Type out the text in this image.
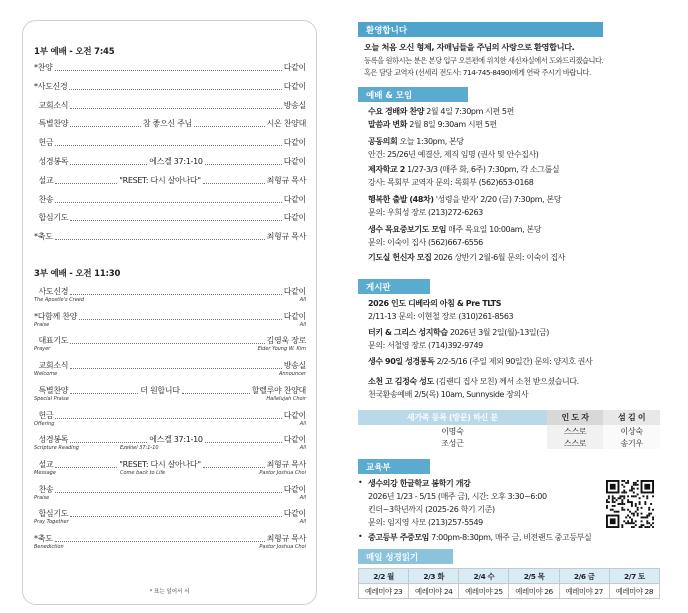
1부 예배 - 오전 7:45
*찬양	다같이
*사도신경	다같이
교회소식	방송실
특별찬양	참 좋으신 주님	시온 찬양대
헌금	다같이
성경봉독	에스겔 37:1-10	다같이
설교	"RESET: 다시 살아나다"	최형규 목사
찬송	다같이
합심기도	다같이
*축도	최형규 목사
3부 예배 - 오전 11:30
사도신경	다같이
The Apostle's Creed	All
*다함께 찬양	다같이
Praise	All
대표기도	김영욱 장로
Prayer	Elder Young W. Kim
교회소식	방송실
Welcome	Announcer
특별찬양	더 원합니다	할렐루야 찬양대
Special Praise	Hallelujah Choir
헌금	다같이
Offering	All
성경봉독	에스겔 37:1-10	다같이
Scripture Reading	Ezekiel 37:1-10	All
설교	"RESET: 다시 살아나다"	최형규 목사
Message	Come back to Life	Pastor Joshua Choi
찬송	다같이
Praise	All
합심기도	다같이
Pray Together	All
*축도	최형규 목사
Benediction	Pastor Joshua Choi
* 표는 일어서 서
환영합니다
오늘 처음 오신 형제, 자매님들을 주님의 사랑으로 환영합니다.
등록을 원하시는 분은 본당 입구 오른편에 위치한 새신자실에서 도와드리겠습니다.
혹은 담당 교역자 (선세리 전도사: 714-745-8490)에게 연락 주시기 바랍니다.
예배 & 모임
수요 경배와 찬양 2월 4일 7:30pm 시편 5편
말씀과 변화 2월 8일 9:30am 시편 5편
공동의회 오늘 1:30pm, 본당
안건: 25/26년 예결산, 제직 임명 (권사 및 안수집사)
제자학교 2 1/27-3/3 (매주 화, 6주) 7:30pm, 각 소그룹실
강사: 목회부 교역자 문의: 목회부 (562)653-0168
행복한 출발 (48차) '성령을 받자' 2/20 (금) 7:30pm, 본당
문의: 우희성 장로 (213)272-6263
생수 목요중보기도 모임 매주 목요일 10:00am, 본당
문의: 이숙이 집사 (562)667-6556
기도실 헌신자 모집 2026 상반기 2월-6월 문의: 이숙이 집사
게시판
2026 인도 디베라의 아침 & Pre TLTS
2/11-13 문의: 이현철 장로 (310)261-8563
터키 & 그리스 성지학습 2026년 3월 2일(월)-13일(금)
문의: 서철영 장로 (714)392-9749
생수 90일 성경통독 2/2-5/16 (주일 제외 90일간) 문의: 양지호 권사
소천 고 김정숙 성도 (김랜디 집사 모친) 께서 소천 받으셨습니다.
천국환송예배 2/5(목) 10am, Sunnyside 장의사
새가족 등록 (방문) 하신 분	인 도 자	섬 김 이
이명숙	스스로	이상숙
조성근	스스로	송기우
교육부
• 생수의강 한글학교 봄학기 개강
2026년 1/23 - 5/15 (매주 금), 시간: 오후 3:30~6:00
킨더~3학년까지 (2025-26 학기 기준)
문의: 임지영 사모 (213)257-5549
• 중고등부 주중모임 7:00pm-8:30pm, 매주 금, 비전랜드 중고등부실
매일 성경읽기
2/2 월	2/3 화	2/4 수	2/5 목	2/6 금	2/7 토
예레미야 23	예레미야 24	예레미야 25	예레미야 26	예레미야 27	예레미야 28
